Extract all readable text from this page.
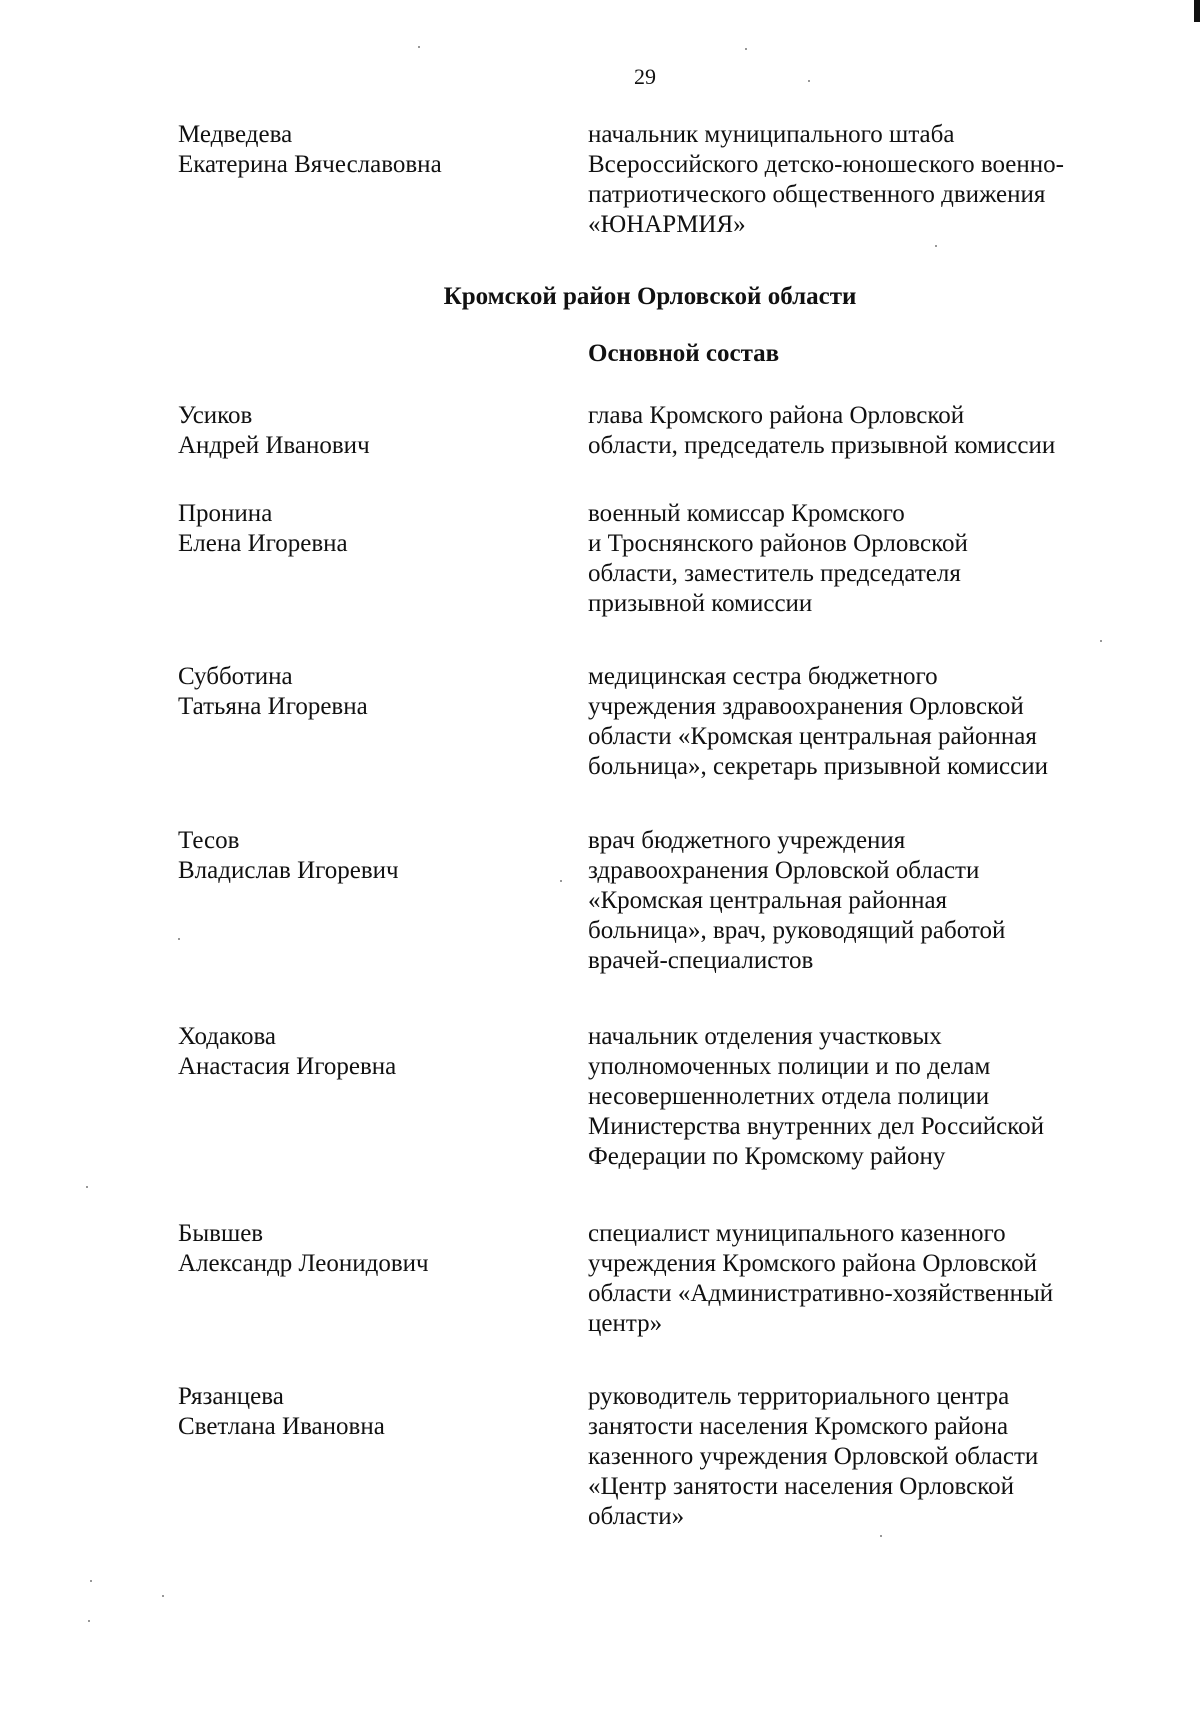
29
Медведева
Екатерина Вячеславовна
начальник муниципального штаба
Всероссийского детско-юношеского военно-
патриотического общественного движения
«ЮНАРМИЯ»
Кромской район Орловской области
Основной состав
Усиков
Андрей Иванович
глава Кромского района Орловской
области, председатель призывной комиссии
Пронина
Елена Игоревна
военный комиссар Кромского
и Троснянского районов Орловской
области, заместитель председателя
призывной комиссии
Субботина
Татьяна Игоревна
медицинская сестра бюджетного
учреждения здравоохранения Орловской
области «Кромская центральная районная
больница», секретарь призывной комиссии
Тесов
Владислав Игоревич
врач бюджетного учреждения
здравоохранения Орловской области
«Кромская центральная районная
больница», врач, руководящий работой
врачей-специалистов
Ходакова
Анастасия Игоревна
начальник отделения участковых
уполномоченных полиции и по делам
несовершеннолетних отдела полиции
Министерства внутренних дел Российской
Федерации по Кромскому району
Бывшев
Александр Леонидович
специалист муниципального казенного
учреждения Кромского района Орловской
области «Административно-хозяйственный
центр»
Рязанцева
Светлана Ивановна
руководитель территориального центра
занятости населения Кромского района
казенного учреждения Орловской области
«Центр занятости населения Орловской
области»
